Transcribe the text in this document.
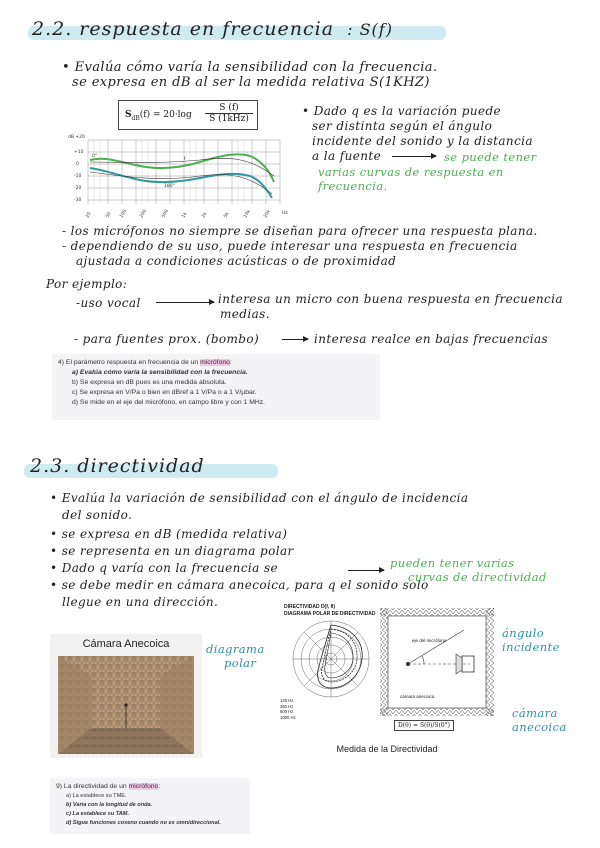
2.2. respuesta en frecuencia : S(f)
• Evalúa cómo varía la sensibilidad con la frecuencia.
se expresa en dB al ser la medida relativa S(1KHZ)
$S_{dB}(f) = 20\cdot\log$
S (f)
S (1kHz)
dB +20
+10
0
-10
-20
-30
0°
180°
f
Hz
20	50 100	200	500	1k	2k	5k	10k	20k
• Dado q es la variación puede
ser distinta según el ángulo
incidente del sonido y la distancia
a la fuente	se puede tener
varias curvas de respuesta en
frecuencia.
- los micrófonos no siempre se diseñan para ofrecer una respuesta plana.
- dependiendo de su uso, puede interesar una respuesta en frecuencia
ajustada a condiciones acústicas o de proximidad
Por ejemplo:
-uso vocal	interesa un micro con buena respuesta en frecuencia
medias.
- para fuentes prox. (bombo)	interesa realce en bajas frecuencias

4) El parámetro respuesta en frecuencia de un micrófono:

a) Evalúa cómo varía la sensibilidad con la frecuencia.

b) Se expresa en dB pues es una medida absoluta.

c) Se expresa en V/Pa o bien en dBref a 1 V/Pa o a 1 V/µbar.

d) Se mide en el eje del micrófono, en campo libre y con 1 MHz.

2.3. directividad
• Evalúa la variación de sensibilidad con el ángulo de incidencia
del sonido.
• se expresa en dB (medida relativa)
• se representa en un diagrama polar
• Dado q varía con la frecuencia se
• se debe medir en cámara anecoica, para q el sonido solo
llegue en una dirección.
pueden tener varias
curvas de directividad
Cámara Anecoica	diagrama
polar
DIRECTIVIDAD D(f, θ)
DIAGRAMA POLAR DE DIRECTIVIDAD
125 Hz
250 Hz
500 Hz
1000 Hz
eje del micrófono
cámara anecoica
D(θ) = S(θ)/S(0°)
Medida de la Directividad
ángulo
incidente
cámara
anecoica

9) La directividad de un micrófono:

a) La establece su TME.

b) Varía con la longitud de onda.

c) La establece su TAM.

d) Sigue funciones coseno cuando no es omnidireccional.
